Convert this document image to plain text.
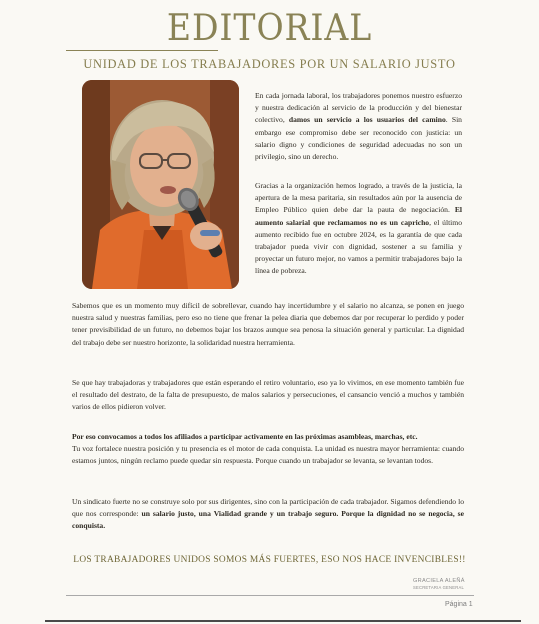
EDITORIAL
UNIDAD DE LOS TRABAJADORES POR UN SALARIO JUSTO

En cada jornada laboral, los trabajadores ponemos nuestro esfuerzo y nuestra dedicación al servicio de la producción y del bienestar colectivo, damos un servicio a los usuarios del camino. Sin embargo ese compromiso debe ser reconocido con justicia: un salario digno y condiciones de seguridad adecuadas no son un privilegio, sino un derecho.

Gracias a la organización hemos logrado, a través de la justicia, la apertura de la mesa paritaria, sin resultados aún por la ausencia de Empleo Público quien debe dar la pauta de negociación. El aumento salarial que reclamamos no es un capricho, el último aumento recibido fue en octubre 2024, es la garantía de que cada trabajador pueda vivir con dignidad, sostener a su familia y proyectar un futuro mejor, no vamos a permitir trabajadores bajo la línea de pobreza.

Sabemos que es un momento muy difícil de sobrellevar, cuando hay incertidumbre y el salario no alcanza, se ponen en juego nuestra salud y nuestras familias, pero eso no tiene que frenar la pelea diaria que debemos dar por recuperar lo perdido y poder tener previsibilidad de un futuro, no debemos bajar los brazos aunque sea penosa la situación general y particular. La dignidad del trabajo debe ser nuestro horizonte, la solidaridad nuestra herramienta.

Se que hay trabajadoras y trabajadores que están esperando el retiro voluntario, eso ya lo vivimos, en ese momento también fue el resultado del destrato, de la falta de presupuesto, de malos salarios y persecuciones, el cansancio venció a muchos y también varios de ellos pidieron volver.

Por eso convocamos a todos los afiliados a participar activamente en las próximas asambleas, marchas, etc.
Tu voz fortalece nuestra posición y tu presencia es el motor de cada conquista. La unidad es nuestra mayor herramienta: cuando estamos juntos, ningún reclamo puede quedar sin respuesta. Porque cuando un trabajador se levanta, se levantan todos.

Un sindicato fuerte no se construye solo por sus dirigentes, sino con la participación de cada trabajador. Sigamos defendiendo lo que nos corresponde: un salario justo, una Vialidad grande y un trabajo seguro. Porque la dignidad no se negocia, se conquista.

LOS TRABAJADORES UNIDOS SOMOS MÁS FUERTES, ESO NOS HACE INVENCIBLES!!
GRACIELA ALEÑÁ
SECRETARIA GENERAL
Página 1
